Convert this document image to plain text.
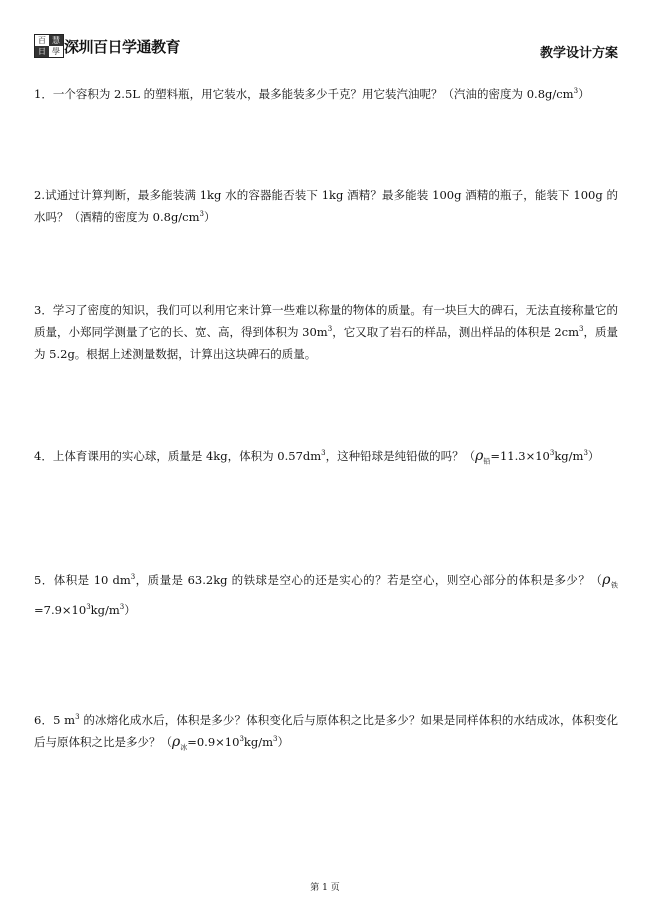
百 慧
日 學 深圳百日学通教育	教学设计方案
1．一个容积为 2.5L 的塑料瓶，用它装水，最多能装多少千克？用它装汽油呢？（汽油的密度为 $0.8g/cm^3$）
2.试通过计算判断，最多能装满 1kg 水的容器能否装下 1kg 酒精？最多能装 100g 酒精的瓶子，能装下 100g 的水吗？（酒精的密度为 $0.8g/cm^3$）
3．学习了密度的知识，我们可以利用它来计算一些难以称量的物体的质量。有一块巨大的碑石，无法直接称量它的质量，小郑同学测量了它的长、宽、高，得到体积为 $30m^3$，它又取了岩石的样品，测出样品的体积是 $2cm^3$，质量为 5.2g。根据上述测量数据，计算出这块碑石的质量。
4．上体育课用的实心球，质量是 4kg，体积为 $0.57dm^3$，这种铅球是纯铅做的吗？$(\rho_铅=11.3\times 10^3kg/m^3)$
5．体积是 10 $dm^3$，质量是 63.2kg 的铁球是空心的还是实心的？若是空心，则空心部分的体积是多少？$(\rho_铁=7.9\times 10^3kg/m^3)$
6．5 $m^3$ 的冰熔化成水后，体积是多少？体积变化后与原体积之比是多少？如果是同样体积的水结成冰，体积变化后与原体积之比是多少？$(\rho_冰=0.9\times 10^3kg/m^3)$
第 1 页
